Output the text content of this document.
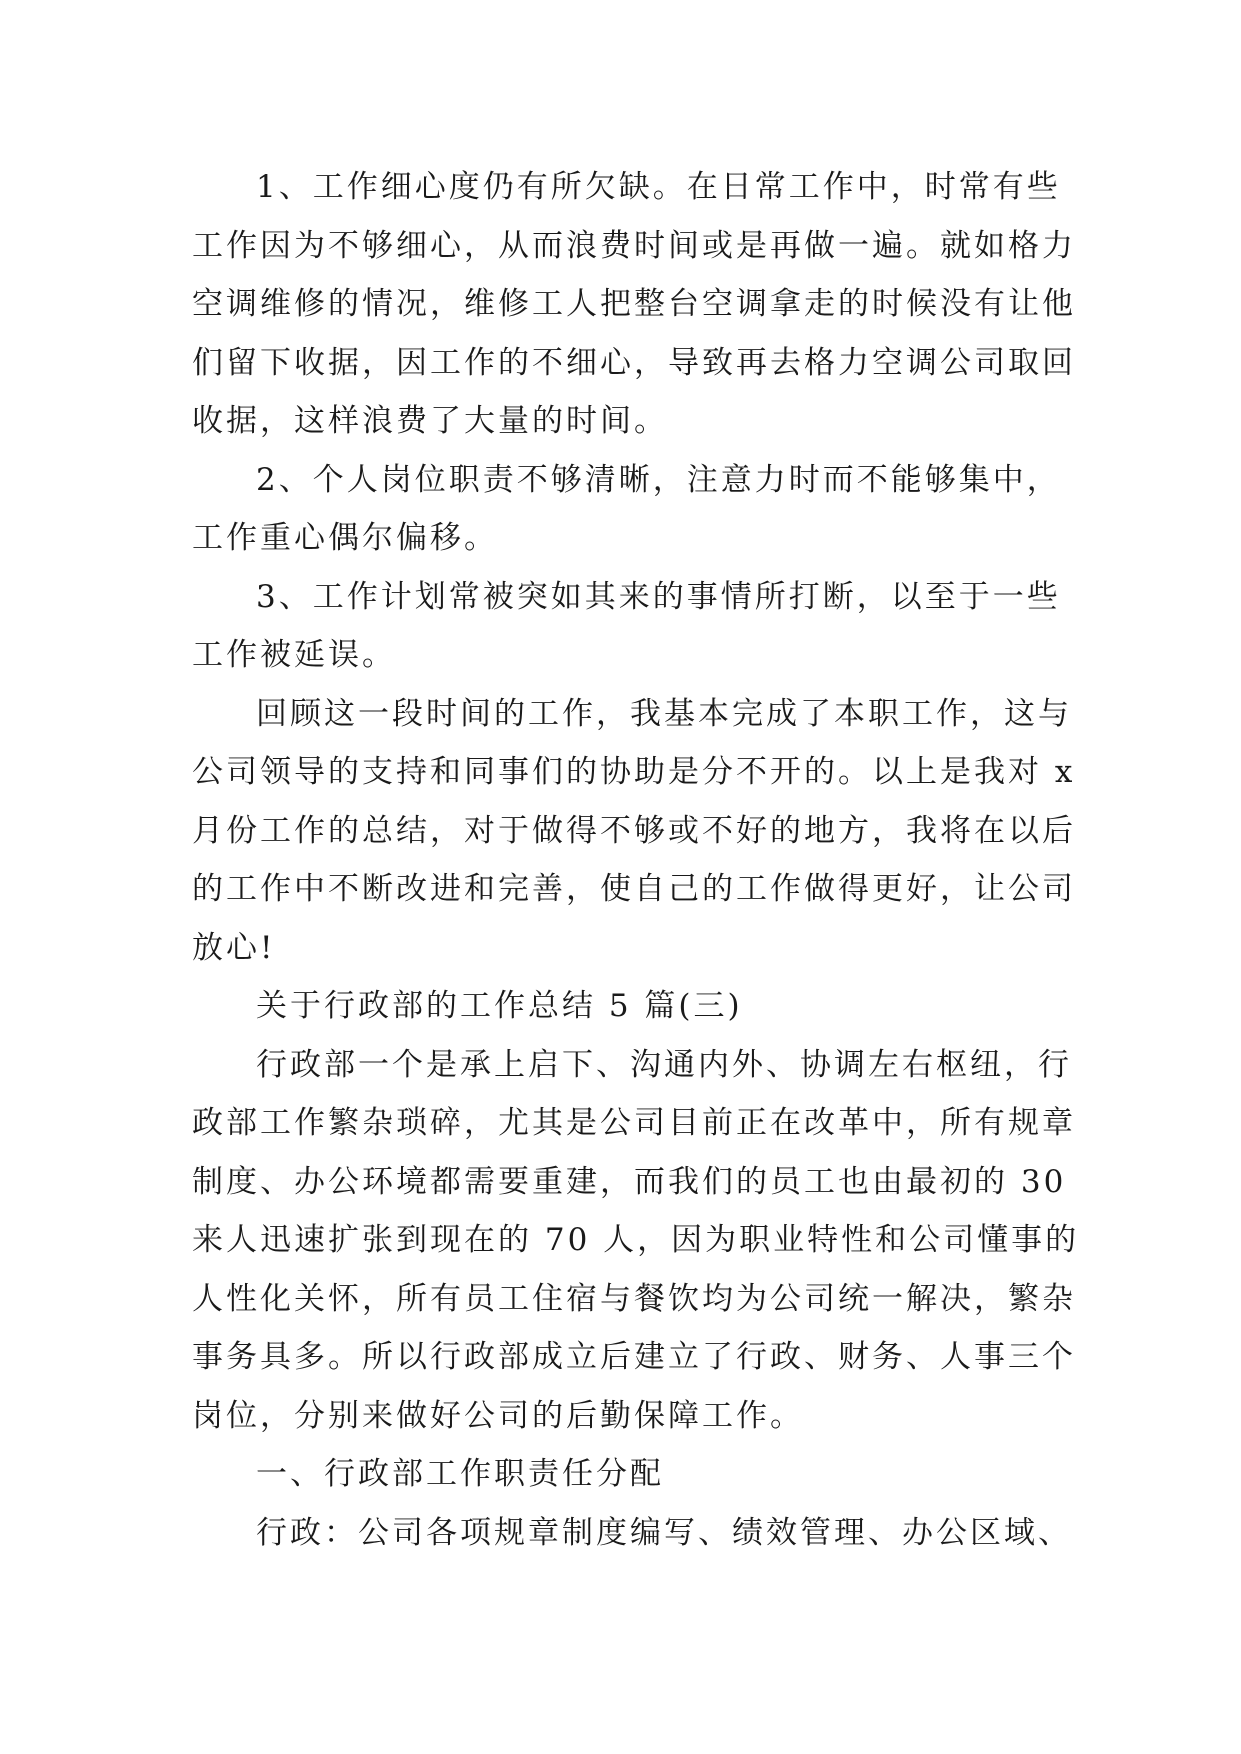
1、工作细心度仍有所欠缺。在日常工作中，时常有些
工作因为不够细心，从而浪费时间或是再做一遍。就如格力
空调维修的情况，维修工人把整台空调拿走的时候没有让他
们留下收据，因工作的不细心，导致再去格力空调公司取回
收据，这样浪费了大量的时间。
2、个人岗位职责不够清晰，注意力时而不能够集中，
工作重心偶尔偏移。
3、工作计划常被突如其来的事情所打断，以至于一些
工作被延误。
回顾这一段时间的工作，我基本完成了本职工作，这与
公司领导的支持和同事们的协助是分不开的。以上是我对 x
月份工作的总结，对于做得不够或不好的地方，我将在以后
的工作中不断改进和完善，使自己的工作做得更好，让公司
放心!
关于行政部的工作总结 5 篇(三)
行政部一个是承上启下、沟通内外、协调左右枢纽，行
政部工作繁杂琐碎，尤其是公司目前正在改革中，所有规章
制度、办公环境都需要重建，而我们的员工也由最初的 30
来人迅速扩张到现在的 70 人，因为职业特性和公司懂事的
人性化关怀，所有员工住宿与餐饮均为公司统一解决，繁杂
事务具多。所以行政部成立后建立了行政、财务、人事三个
岗位，分别来做好公司的后勤保障工作。
一、行政部工作职责任分配
行政：公司各项规章制度编写、绩效管理、办公区域、
